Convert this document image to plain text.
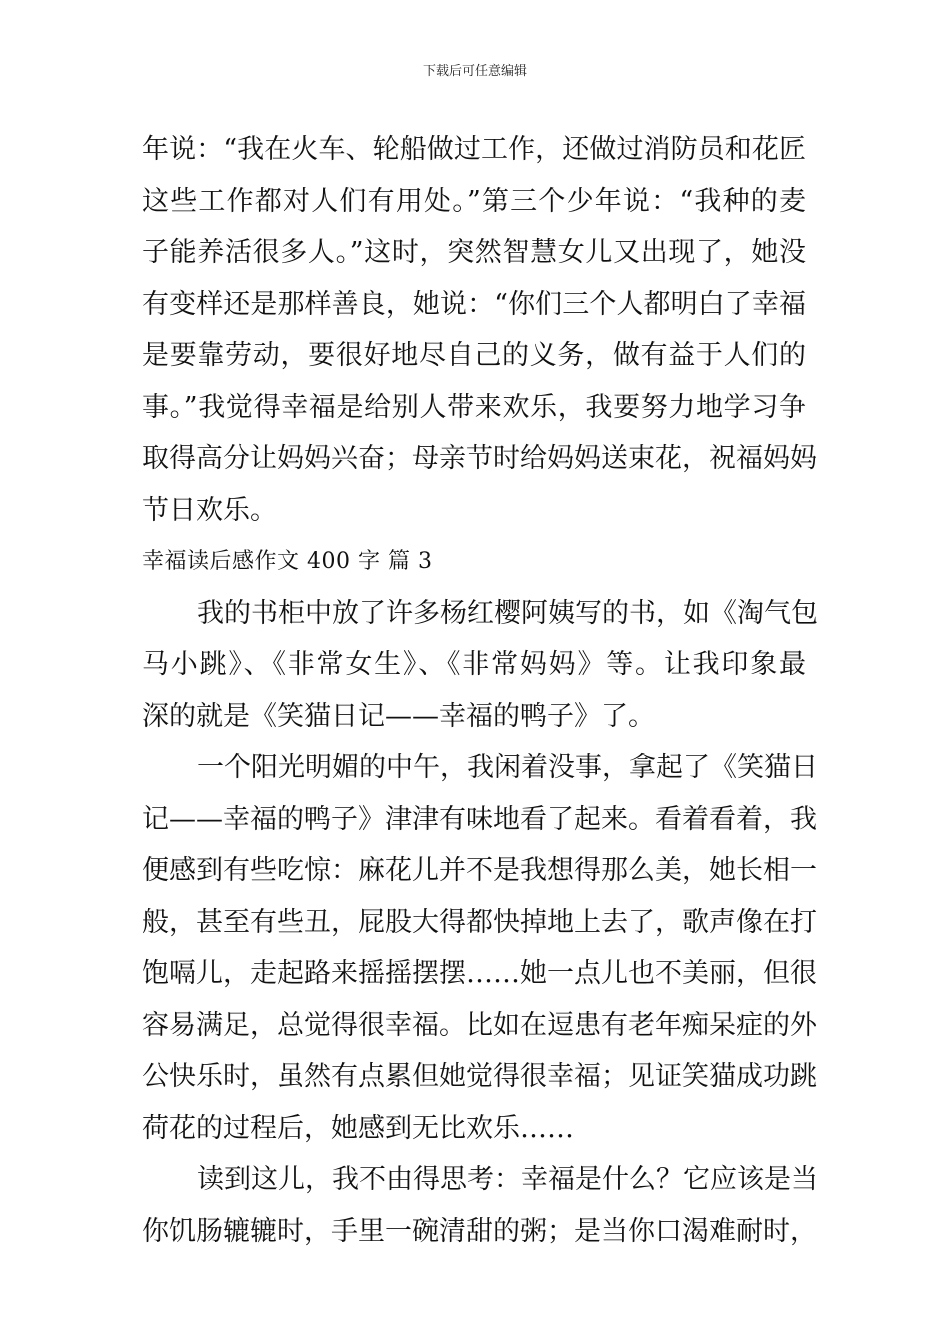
下载后可任意编辑
年说：“我在火车、轮船做过工作，还做过消防员和花匠
这些工作都对人们有用处。”第三个少年说：“我种的麦
子能养活很多人。”这时，突然智慧女儿又出现了，她没
有变样还是那样善良，她说：“你们三个人都明白了幸福
是要靠劳动，要很好地尽自己的义务，做有益于人们的
事。”我觉得幸福是给别人带来欢乐，我要努力地学习争
取得高分让妈妈兴奋；母亲节时给妈妈送束花，祝福妈妈
节日欢乐。
幸福读后感作文 400 字 篇 3
我的书柜中放了许多杨红樱阿姨写的书，如《淘气包
马小跳》、《非常女生》、《非常妈妈》等。让我印象最
深的就是《笑猫日记——幸福的鸭子》了。
一个阳光明媚的中午，我闲着没事，拿起了《笑猫日
记——幸福的鸭子》津津有味地看了起来。看着看着，我
便感到有些吃惊：麻花儿并不是我想得那么美，她长相一
般，甚至有些丑，屁股大得都快掉地上去了，歌声像在打
饱嗝儿，走起路来摇摇摆摆……她一点儿也不美丽，但很
容易满足，总觉得很幸福。比如在逗患有老年痴呆症的外
公快乐时，虽然有点累但她觉得很幸福；见证笑猫成功跳
荷花的过程后，她感到无比欢乐……
读到这儿，我不由得思考：幸福是什么？它应该是当
你饥肠辘辘时，手里一碗清甜的粥；是当你口渴难耐时，
